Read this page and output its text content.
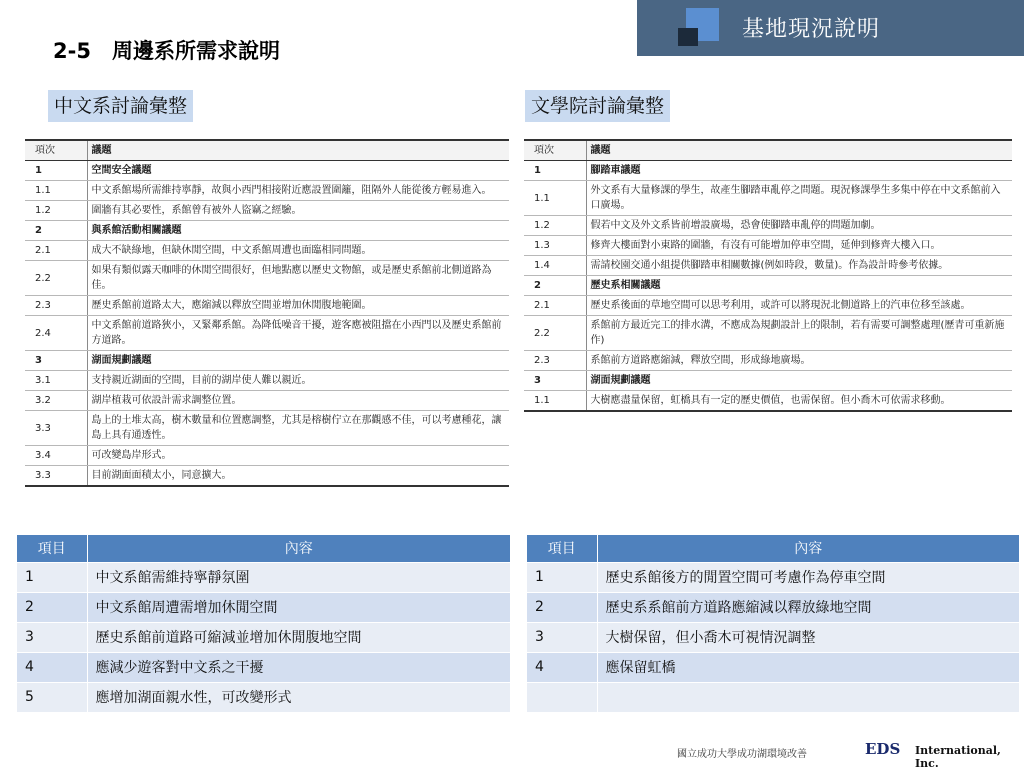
基地現況說明
2-5　周邊系所需求說明
中文系討論彙整	文學院討論彙整
項次	議題
1	空間安全議題
1.1	中文系館場所需維持寧靜，故與小西門相接附近應設置圍籬，阻隔外人能從後方輕易進入。
1.2	圍牆有其必要性，系館曾有被外人盜竊之經驗。
2	與系館活動相關議題
2.1	成大不缺綠地，但缺休閒空間，中文系館周遭也面臨相同問題。
2.2	如果有類似露天咖啡的休閒空間很好，但地點應以歷史文物館，或是歷史系館前北側道路為佳。
2.3	歷史系館前道路太大，應縮減以釋放空間並增加休閒腹地範圍。
2.4	中文系館前道路狹小，又緊鄰系館。為降低噪音干擾，遊客應被阻擋在小西門以及歷史系館前方道路。
3	湖面規劃議題
3.1	支持親近湖面的空間，目前的湖岸使人難以親近。
3.2	湖岸植栽可依設計需求調整位置。
3.3	島上的土堆太高，樹木數量和位置應調整，尤其是榕樹佇立在那觀感不佳，可以考慮種花，讓島上具有通透性。
3.4	可改變島岸形式。
3.3	目前湖面面積太小，同意擴大。
項次	議題
1	腳踏車議題
1.1	外文系有大量修課的學生，故產生腳踏車亂停之問題。現況修課學生多集中停在中文系館前入口廣場。
1.2	假若中文及外文系皆前增設廣場，恐會使腳踏車亂停的問題加劇。
1.3	修齊大樓面對小東路的圍牆，有沒有可能增加停車空間，延伸到修齊大樓入口。
1.4	需請校園交通小組提供腳踏車相關數據(例如時段，數量)。作為設計時參考依據。
2	歷史系相關議題
2.1	歷史系後面的草地空間可以思考利用，或許可以將現況北側道路上的汽車位移至該處。
2.2	系館前方最近完工的排水溝，不應成為規劃設計上的限制，若有需要可調整處理(歷青可重新施作)
2.3	系館前方道路應縮減，釋放空間，形成綠地廣場。
3	湖面規劃議題
1.1	大樹應盡量保留，虹橋具有一定的歷史價值，也需保留。但小喬木可依需求移動。
項目	內容
1	中文系館需維持寧靜氛圍
2	中文系館周遭需增加休閒空間
3	歷史系館前道路可縮減並增加休閒腹地空間
4	應減少遊客對中文系之干擾
5	應增加湖面親水性，可改變形式
項目	內容
1	歷史系館後方的閒置空間可考慮作為停車空間
2	歷史系系館前方道路應縮減以釋放綠地空間
3	大樹保留，但小喬木可視情況調整
4	應保留虹橋

國立成功大學成功湖環境改善	EDS International, Inc.
